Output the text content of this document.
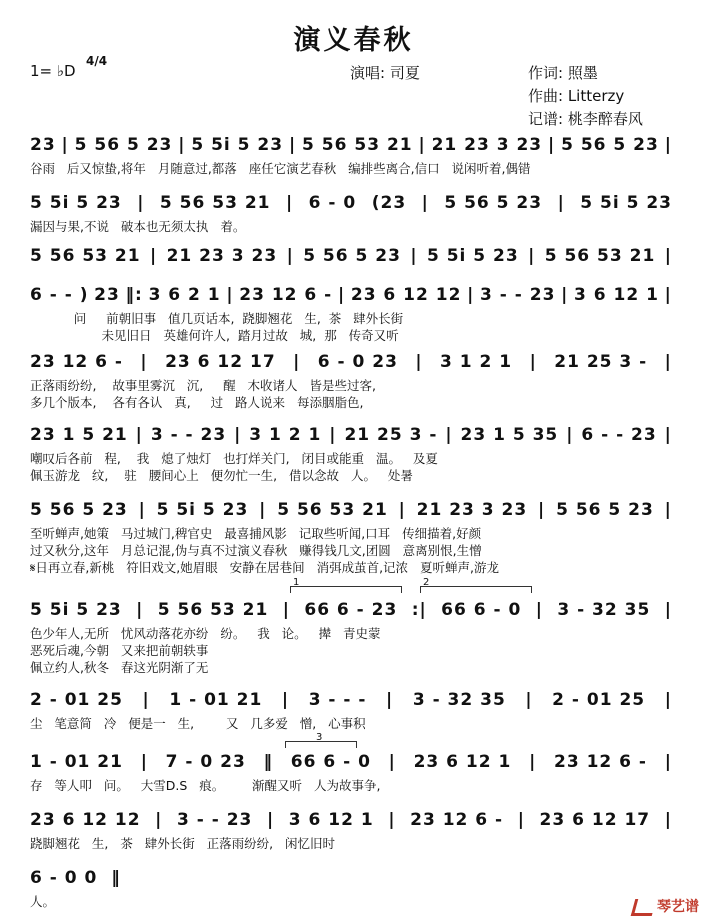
演义春秋
1= ♭D
4/4
演唱: 司夏	作词: 照墨
作曲: Litterzy
记谱: 桃李醉春风
23 | 5 56 5 23 | 5 5i 5 23 | 5 56 53 21 | 21 23 3 23 | 5 56 5 23 |
谷雨   后又惊蛰,将年   月随意过,都落   座任它演艺春秋   编排些离合,信口   说闲听着,偶错
5 5i 5 23 | 5 56 53 21 | 6 - 0 (23 | 5 56 5 23 | 5 5i 5 23
漏因与果,不说   破本也无须太执   着。
5 56 53 21 | 21 23 3 23 | 5 56 5 23 | 5 5i 5 23 | 5 56 53 21 |
6 - - ) 23 ‖: 3 6 2 1 | 23 12 6 - | 23 6 12 12 | 3 - - 23 | 3 6 12 1 |
问     前朝旧事   值几页话本,  跷脚翘花   生,  茶   肆外长街
未见旧日   英雄何许人,  踏月过故   城,  那   传奇又听
23 12 6 - | 23 6 12 17 | 6 - 0 23 | 3 1 2 1 | 21 25 3 - |
正落雨纷纷,    故事里雾沉   沉,     醒   木收诸人   皆是些过客,
多几个版本,    各有各认   真,     过   路人说来   每添胭脂色,
23 1 5 21 | 3 - - 23 | 3 1 2 1 | 21 25 3 - | 23 1 5 35 | 6 - - 23 |
嘲叹后各前   程,    我   熄了烛灯   也打烊关门,   闭目或能重   温。   及夏
佩玉游龙   纹,    驻   腰间心上   便勿忙一生,   借以念故   人。   处暑
5 56 5 23 | 5 5i 5 23 | 5 56 53 21 | 21 23 3 23 | 5 56 5 23 |
至听蝉声,她策   马过城门,稗官史   最喜捕风影   记取些听闻,口耳   传细描着,好颜
过又秋分,这年   月总记混,伪与真不过演义春秋   赚得钱几文,团圆   意离别恨,生憎
𝄋日再立春,新桃   符旧戏文,她眉眼   安静在居巷间   消弭成茧首,记浓   夏听蝉声,游龙
5 5i 5 23 | 5 56 53 21 | 66 6 - 23 :| 66 6 - 0 | 3 - 32 35 |
色少年人,无所   忧风动落花亦纷   纷。   我   论。   撵   青史蒙
恶死后魂,今朝   又来把前朝轶事
佩立约人,秋冬   春这光阴渐了无
2 - 01 25 | 1 - 01 21 | 3 - - - | 3 - 32 35 | 2 - 01 25 |
尘   笔意简   冷   便是一   生,        又   几多爱   憎,   心事积
1 - 01 21 | 7 - 0 23 ‖ 66 6 - 0 | 23 6 12 1 | 23 12 6 - |
存   等人叩   问。   大雪D.S   痕。       渐醒又听   人为故事争,
23 6 12 12 | 3 - - 23 | 3 6 12 1 | 23 12 6 - | 23 6 12 17 |
跷脚翘花   生,   茶   肆外长街   正落雨纷纷,   闲忆旧时
6 - 0 0 ‖
人。
1	2
3
琴艺谱
